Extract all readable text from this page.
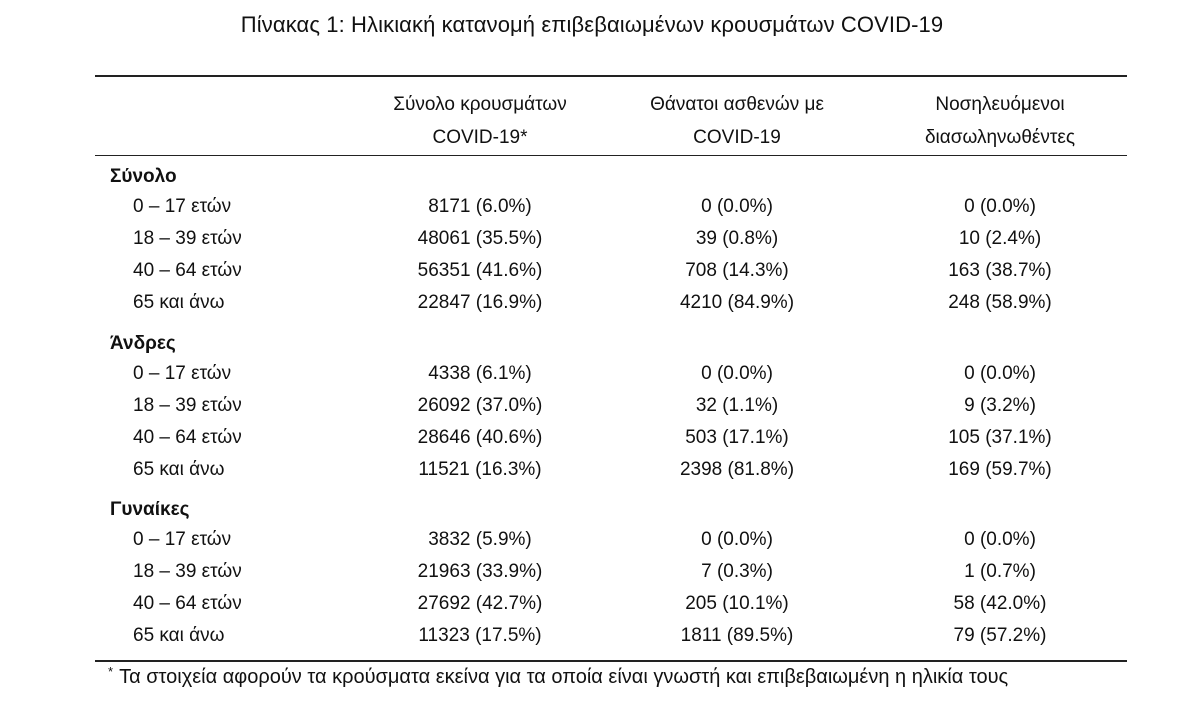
Πίνακας 1: Ηλικιακή κατανομή επιβεβαιωμένων κρουσμάτων COVID-19
Σύνολο κρουσμάτων
COVID-19*
Θάνατοι ασθενών με
COVID-19
Νοσηλευόμενοι
διασωληνωθέντες
Σύνολο
0 – 17 ετών	8171 (6.0%)	0 (0.0%)	0 (0.0%)
18 – 39 ετών	48061 (35.5%)	39 (0.8%)	10 (2.4%)
40 – 64 ετών	56351 (41.6%)	708 (14.3%)	163 (38.7%)
65 και άνω	22847 (16.9%)	4210 (84.9%)	248 (58.9%)
Άνδρες
0 – 17 ετών	4338 (6.1%)	0 (0.0%)	0 (0.0%)
18 – 39 ετών	26092 (37.0%)	32 (1.1%)	9 (3.2%)
40 – 64 ετών	28646 (40.6%)	503 (17.1%)	105 (37.1%)
65 και άνω	11521 (16.3%)	2398 (81.8%)	169 (59.7%)
Γυναίκες
0 – 17 ετών	3832 (5.9%)	0 (0.0%)	0 (0.0%)
18 – 39 ετών	21963 (33.9%)	7 (0.3%)	1 (0.7%)
40 – 64 ετών	27692 (42.7%)	205 (10.1%)	58 (42.0%)
65 και άνω	11323 (17.5%)	1811 (89.5%)	79 (57.2%)
* Τα στοιχεία αφορούν τα κρούσματα εκείνα για τα οποία είναι γνωστή και επιβεβαιωμένη η ηλικία τους
